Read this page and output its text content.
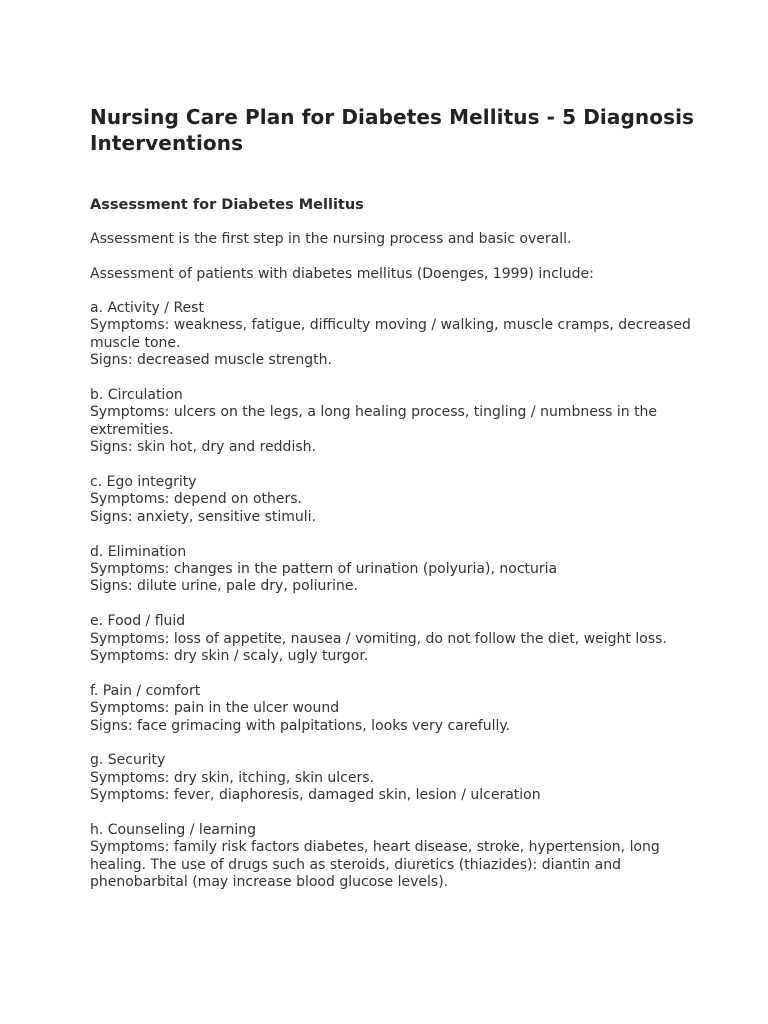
Nursing Care Plan for Diabetes Mellitus - 5 Diagnosis Interventions
Assessment for Diabetes Mellitus

Assessment is the first step in the nursing process and basic overall.

Assessment of patients with diabetes mellitus (Doenges, 1999) include:

a. Activity / Rest
Symptoms: weakness, fatigue, difficulty moving / walking, muscle cramps, decreased muscle tone.
Signs: decreased muscle strength.
b. Circulation
Symptoms: ulcers on the legs, a long healing process, tingling / numbness in the extremities.
Signs: skin hot, dry and reddish.
c. Ego integrity
Symptoms: depend on others.
Signs: anxiety, sensitive stimuli.
d. Elimination
Symptoms: changes in the pattern of urination (polyuria), nocturia
Signs: dilute urine, pale dry, poliurine.
e. Food / fluid
Symptoms: loss of appetite, nausea / vomiting, do not follow the diet, weight loss.
Symptoms: dry skin / scaly, ugly turgor.
f. Pain / comfort
Symptoms: pain in the ulcer wound
Signs: face grimacing with palpitations, looks very carefully.
g. Security
Symptoms: dry skin, itching, skin ulcers.
Symptoms: fever, diaphoresis, damaged skin, lesion / ulceration
h. Counseling / learning
Symptoms: family risk factors diabetes, heart disease, stroke, hypertension, long healing. The use of drugs such as steroids, diuretics (thiazides): diantin and phenobarbital (may increase blood glucose levels).
